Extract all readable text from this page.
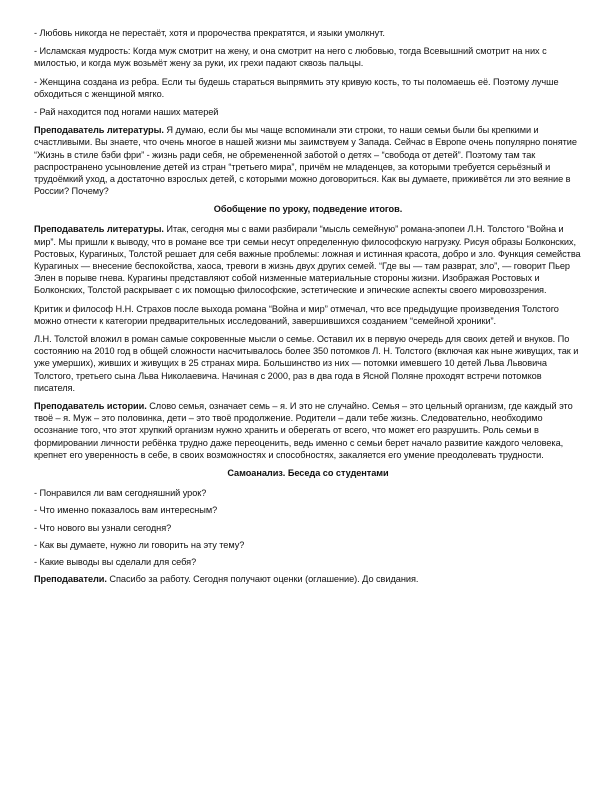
- Любовь никогда не перестаёт, хотя и пророчества прекратятся, и языки умолкнут.

- Исламская мудрость: Когда муж смотрит на жену, и она смотрит на него с любовью, тогда Всевышний смотрит на них с милостью, и когда муж возьмёт жену за руки, их грехи падают сквозь пальцы.

- Женщина создана из ребра. Если ты будешь стараться выпрямить эту кривую кость, то ты поломаешь её. Поэтому лучше обходиться с женщиной мягко.

- Рай находится под ногами наших матерей

Преподаватель литературы. Я думаю, если бы мы чаще вспоминали эти строки, то наши семьи были бы крепкими и счастливыми. Вы знаете, что очень многое в нашей жизни мы заимствуем у Запада. Сейчас в Европе очень популярно понятие “Жизнь в стиле бэби фри” - жизнь ради себя, не обремененной заботой о детях – “свобода от детей”. Поэтому там так распространено усыновление детей из стран “третьего мира”, причём не младенцев, за которыми требуется серьёзный и трудоёмкий уход, а достаточно взрослых детей, с которыми можно договориться. Как вы думаете, приживётся ли это веяние в России? Почему?

Обобщение по уроку, подведение итогов.

Преподаватель литературы. Итак, сегодня мы с вами разбирали “мысль семейную” романа-эпопеи Л.Н. Толстого “Война и мир”. Мы пришли к выводу, что в романе все три семьи несут определенную философскую нагрузку. Рисуя образы Болконских, Ростовых, Курагиных, Толстой решает для себя важные проблемы: ложная и истинная красота, добро и зло. Функция семейства Курагиных — внесение беспокойства, хаоса, тревоги в жизнь двух других семей. “Где вы — там разврат, зло”, — говорит Пьер Элен в порыве гнева. Курагины представляют собой низменные материальные стороны жизни. Изображая Ростовых и Болконских, Толстой раскрывает с их помощью философские, эстетические и эпические аспекты своего мировоззрения.

Критик и философ Н.Н. Страхов после выхода романа “Война и мир” отмечал, что все предыдущие произведения Толстого можно отнести к категории предварительных исследований, завершившихся созданием “семейной хроники”.

Л.Н. Толстой вложил в роман самые сокровенные мысли о семье. Оставил их в первую очередь для своих детей и внуков. По состоянию на 2010 год в общей сложности насчитывалось более 350 потомков Л. Н. Толстого (включая как ныне живущих, так и уже умерших), живших и живущих в 25 странах мира. Большинство из них — потомки имевшего 10 детей Льва Львовича Толстого, третьего сына Льва Николаевича. Начиная с 2000, раз в два года в Ясной Поляне проходят встречи потомков писателя.

Преподаватель истории. Слово семья, означает семь – я. И это не случайно. Семья – это цельный организм, где каждый это твоё – я. Муж – это половинка, дети – это твоё продолжение. Родители – дали тебе жизнь. Следовательно, необходимо осознание того, что этот хрупкий организм нужно хранить и оберегать от всего, что может его разрушить. Роль семьи в формировании личности ребёнка трудно даже переоценить, ведь именно с семьи берет начало развитие каждого человека, крепнет его уверенность в себе, в своих возможностях и способностях, закаляется его умение преодолевать трудности.

Самоанализ. Беседа со студентами

- Понравился ли вам сегодняшний урок?

- Что именно показалось вам интересным?

- Что нового вы узнали сегодня?

- Как вы думаете, нужно ли говорить на эту тему?

- Какие выводы вы сделали для себя?

Преподаватели. Спасибо за работу. Сегодня получают оценки (оглашение). До свидания.
